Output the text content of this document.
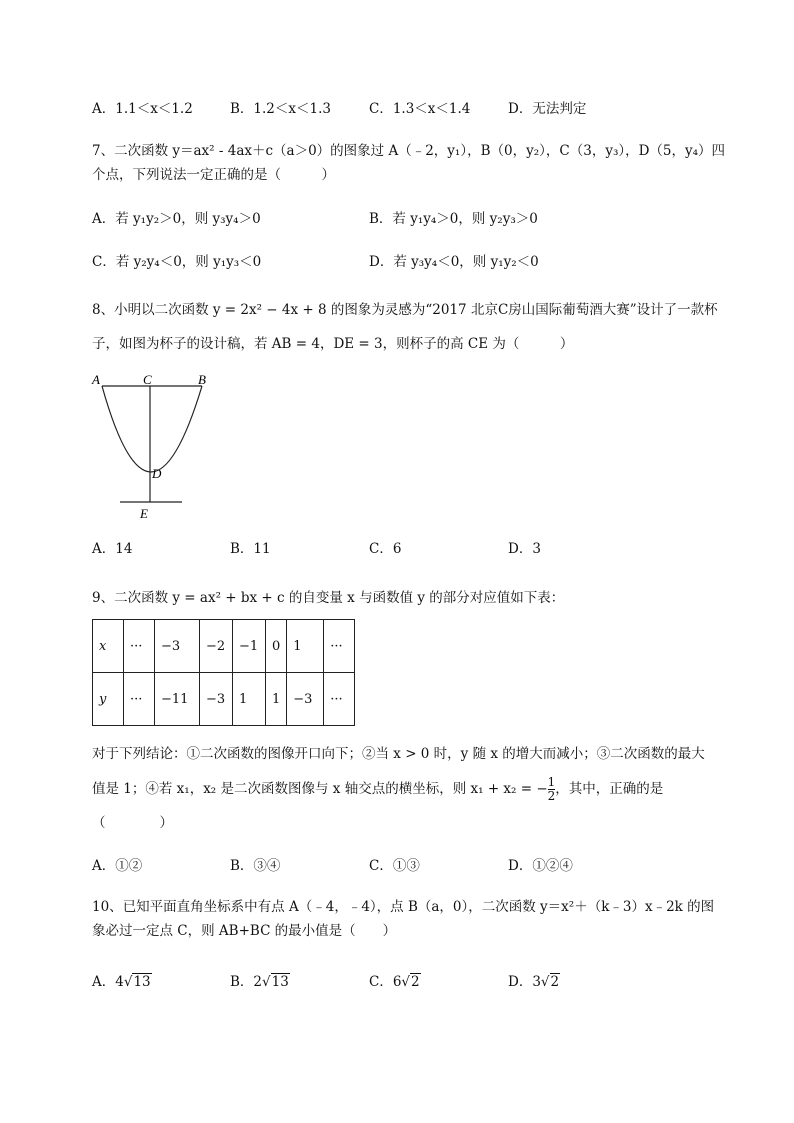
A．1.1＜x＜1.2	B．1.2＜x＜1.3	C．1.3＜x＜1.4	D．无法判定
7、二次函数 y＝ax² - 4ax＋c（a＞0）的图象过 A（﹣2，y₁），B（0，y₂），C（3，y₃），D（5，y₄）四
个点，下列说法一定正确的是（　　　）
A．若 y₁y₂＞0，则 y₃y₄＞0	B．若 y₁y₄＞0，则 y₂y₃＞0
C．若 y₂y₄＜0，则 y₁y₃＜0	D．若 y₃y₄＜0，则 y₁y₂＜0
8、小明以二次函数 y = 2x² − 4x + 8 的图象为灵感为“2017 北京C房山国际葡萄酒大赛”设计了一款杯
子，如图为杯子的设计稿，若 AB = 4，DE = 3，则杯子的高 CE 为（　　　）
A	C	B
D
E
A．14	B．11	C．6	D．3
9、二次函数 y = ax² + bx + c 的自变量 x 与函数值 y 的部分对应值如下表：
x	···	−3	−2	−1	0	1	···
y	···	−11	−3	1	1	−3	···
对于下列结论：①二次函数的图像开口向下；②当 x > 0 时，y 随 x 的增大而减小；③二次函数的最大
值是 1；④若 x₁，x₂ 是二次函数图像与 x 轴交点的横坐标，则 x₁ + x₂ = − $\frac{1}{2}$ ，其中，正确的是
（　　　　）
A．①②	B．③④	C．①③	D．①②④
10、已知平面直角坐标系中有点 A（﹣4，﹣4），点 B（a，0），二次函数 y＝x²＋（k﹣3）x﹣2k 的图
象必过一定点 C，则 AB+BC 的最小值是（　　）
A．4√13	B．2√13	C．6√2	D．3√2
